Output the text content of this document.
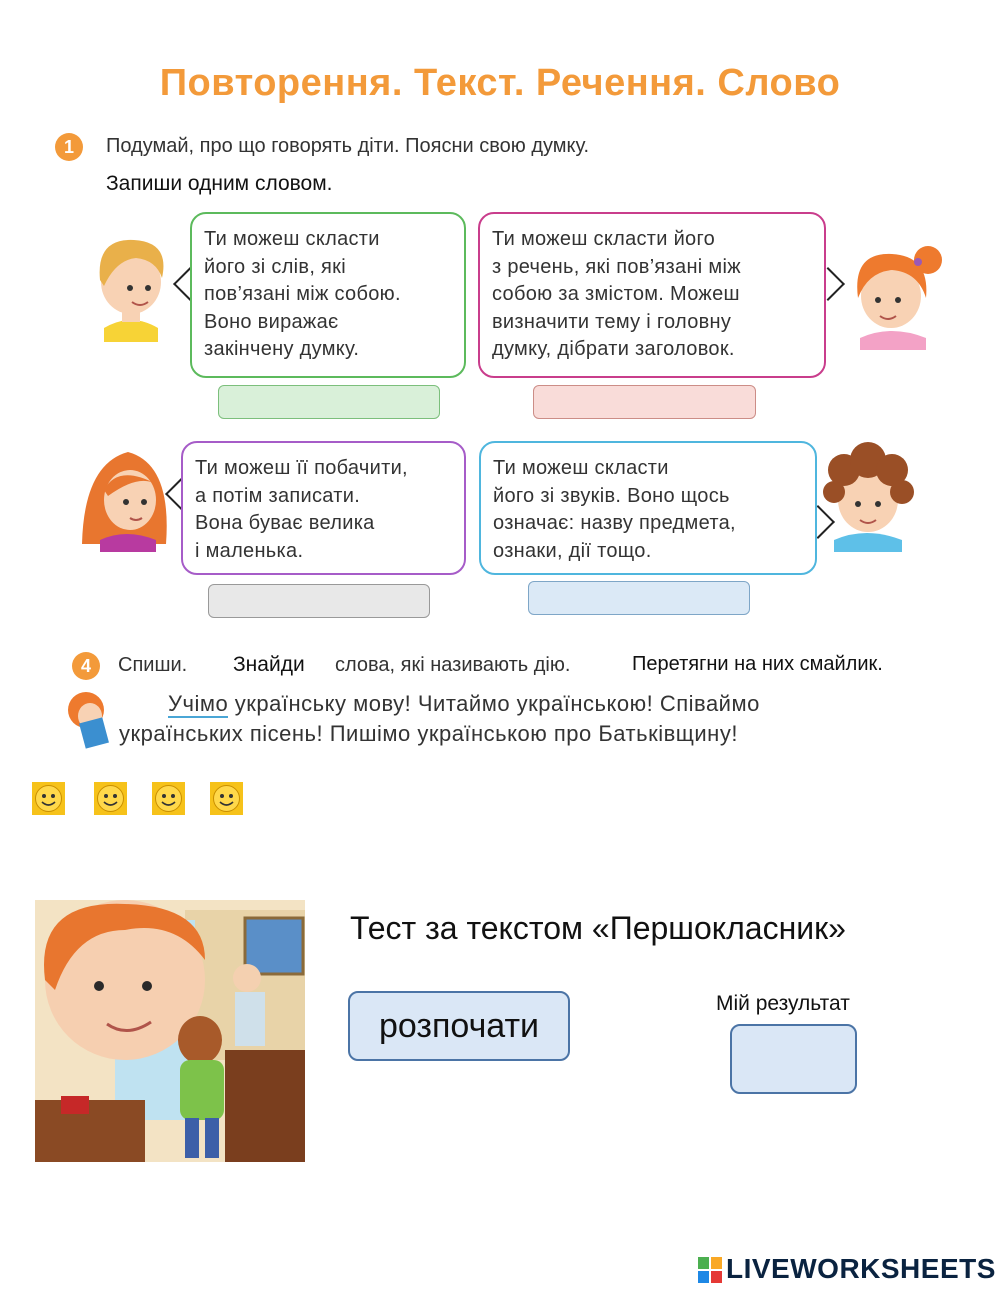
Повторення. Текст. Речення. Слово
1	Подумай, про що говорять діти. Поясни свою думку.
Запиши одним словом.
Ти можеш скласти
його зі слів, які
пов’язані між собою.
Воно виражає
закінчену думку.
Ти можеш скласти його
з речень, які пов’язані між
собою за змістом. Можеш
визначити тему і головну
думку, дібрати заголовок.
Ти можеш її побачити,
а потім записати.
Вона буває велика
і маленька.
Ти можеш скласти
його зі звуків. Воно щось
означає: назву предмета,
ознаки, дії тощо.
4	Спиши. Знайди слова, які називають дію.	Перетягни на них смайлик.
Учімо українську мову! Читаймо українською! Співаймо
українських пісень! Пишімо українською про Батьківщину!
Тест за текстом «Першокласник»
розпочати
Мій результат
LIVEWORKSHEETS
